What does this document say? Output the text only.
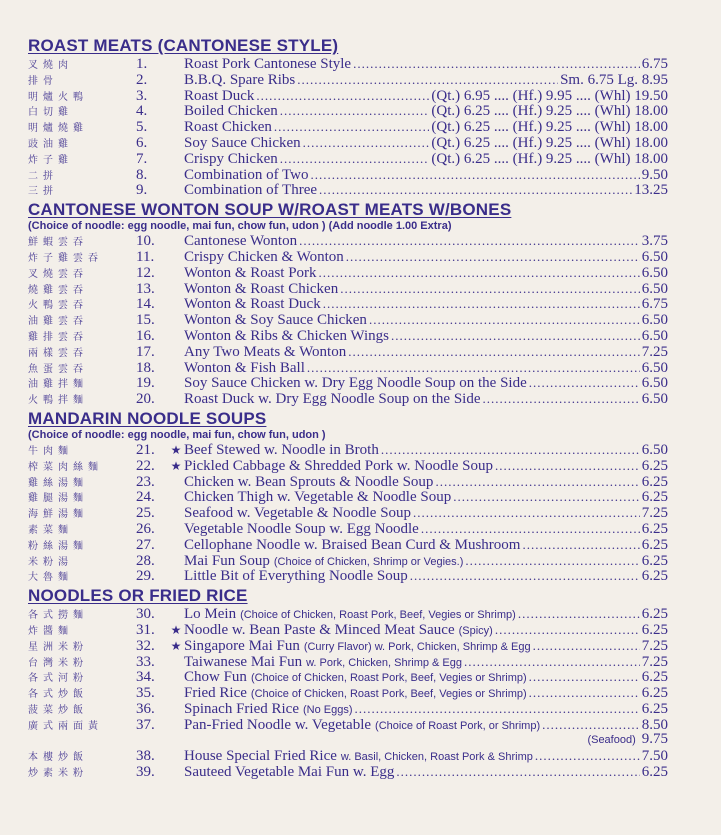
ROAST MEATS (CANTONESE STYLE)
叉燒肉	1.	Roast Pork Cantonese Style .....	6.75
排骨	2.	B.B.Q. Spare Ribs .....	Sm. 6.75 Lg. 8.95
明爐火鴨	3.	Roast Duck .....	(Qt.) 6.95 .... (Hf.) 9.95 .... (Whl) 19.50
白切雞	4.	Boiled Chicken .....	(Qt.) 6.25 .... (Hf.) 9.25 .... (Whl) 18.00
明爐燒雞	5.	Roast Chicken .....	(Qt.) 6.25 .... (Hf.) 9.25 .... (Whl) 18.00
豉油雞	6.	Soy Sauce Chicken .....	(Qt.) 6.25 .... (Hf.) 9.25 .... (Whl) 18.00
炸子雞	7.	Crispy Chicken .....	(Qt.) 6.25 .... (Hf.) 9.25 .... (Whl) 18.00
二拼	8.	Combination of Two .....	9.50
三拼	9.	Combination of Three .....	13.25
CANTONESE WONTON SOUP W/ROAST MEATS W/BONES
(Choice of noodle: egg noodle, mai fun, chow fun, udon ) (Add noodle 1.00 Extra)
鮮蝦雲吞	10.	Cantonese Wonton .....	3.75
炸子雞雲吞	11.	Crispy Chicken & Wonton .....	6.50
叉燒雲吞	12.	Wonton & Roast Pork .....	6.50
燒雞雲吞	13.	Wonton & Roast Chicken .....	6.50
火鴨雲吞	14.	Wonton & Roast Duck .....	6.75
油雞雲吞	15.	Wonton & Soy Sauce Chicken .....	6.50
雞排雲吞	16.	Wonton & Ribs & Chicken Wings .....	6.50
兩樣雲吞	17.	Any Two Meats & Wonton .....	7.25
魚蛋雲吞	18.	Wonton & Fish Ball .....	6.50
油雞拌麵	19.	Soy Sauce Chicken w. Dry Egg Noodle Soup on the Side .....	6.50
火鴨拌麵	20.	Roast Duck w. Dry Egg Noodle Soup on the Side .....	6.50
MANDARIN NOODLE SOUPS
(Choice of noodle: egg noodle, mai fun, chow fun, udon )
牛肉麵	21.	★ Beef Stewed w. Noodle in Broth .....	6.50
榨菜肉絲麵	22.	★ Pickled Cabbage & Shredded Pork w. Noodle Soup .....	6.25
雞絲湯麵	23.	Chicken w. Bean Sprouts & Noodle Soup .....	6.25
雞腿湯麵	24.	Chicken Thigh w. Vegetable & Noodle Soup .....	6.25
海鮮湯麵	25.	Seafood w. Vegetable & Noodle Soup .....	7.25
素菜麵	26.	Vegetable Noodle Soup w. Egg Noodle .....	6.25
粉絲湯麵	27.	Cellophane Noodle w. Braised Bean Curd & Mushroom .....	6.25
米粉湯	28.	Mai Fun Soup (Choice of Chicken, Shrimp or Vegies.) .....	6.25
大魯麵	29.	Little Bit of Everything Noodle Soup .....	6.25
NOODLES OR FRIED RICE
各式撈麵	30.	Lo Mein (Choice of Chicken, Roast Pork, Beef, Vegies or Shrimp) .....	6.25
炸醬麵	31.	★ Noodle w. Bean Paste & Minced Meat Sauce (Spicy) .....	6.25
星洲米粉	32.	★ Singapore Mai Fun (Curry Flavor) w. Pork, Chicken, Shrimp & Egg .....	7.25
台灣米粉	33.	Taiwanese Mai Fun w. Pork, Chicken, Shrimp & Egg .....	7.25
各式河粉	34.	Chow Fun (Choice of Chicken, Roast Pork, Beef, Vegies or Shrimp) .....	6.25
各式炒飯	35.	Fried Rice (Choice of Chicken, Roast Pork, Beef, Vegies or Shrimp) .....	6.25
菠菜炒飯	36.	Spinach Fried Rice (No Eggs) .....	6.25
廣式兩面黃	37.	Pan-Fried Noodle w. Vegetable (Choice of Roast Pork, or Shrimp) .....	8.50
(Seafood) 9.75
本樓炒飯	38.	House Special Fried Rice w. Basil, Chicken, Roast Pork & Shrimp .....	7.50
炒素米粉	39.	Sauteed Vegetable Mai Fun w. Egg .....	6.25
